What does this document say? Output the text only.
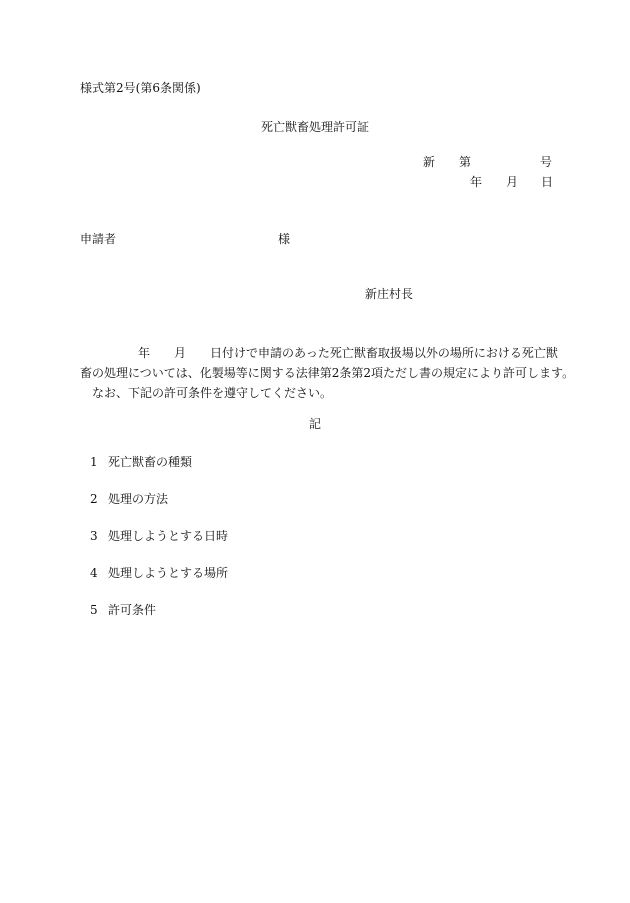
様式第2号(第6条関係)
死亡獣畜処理許可証
新 第	号
年 月 日
申請者	様
新庄村長
年 月 日付けで申請のあった死亡獣畜取扱場以外の場所における死亡獣
畜の処理については、化製場等に関する法律第2条第2項ただし書の規定により許可します。
なお、下記の許可条件を遵守してください。
記
1 死亡獣畜の種類
2 処理の方法
3 処理しようとする日時
4 処理しようとする場所
5 許可条件
